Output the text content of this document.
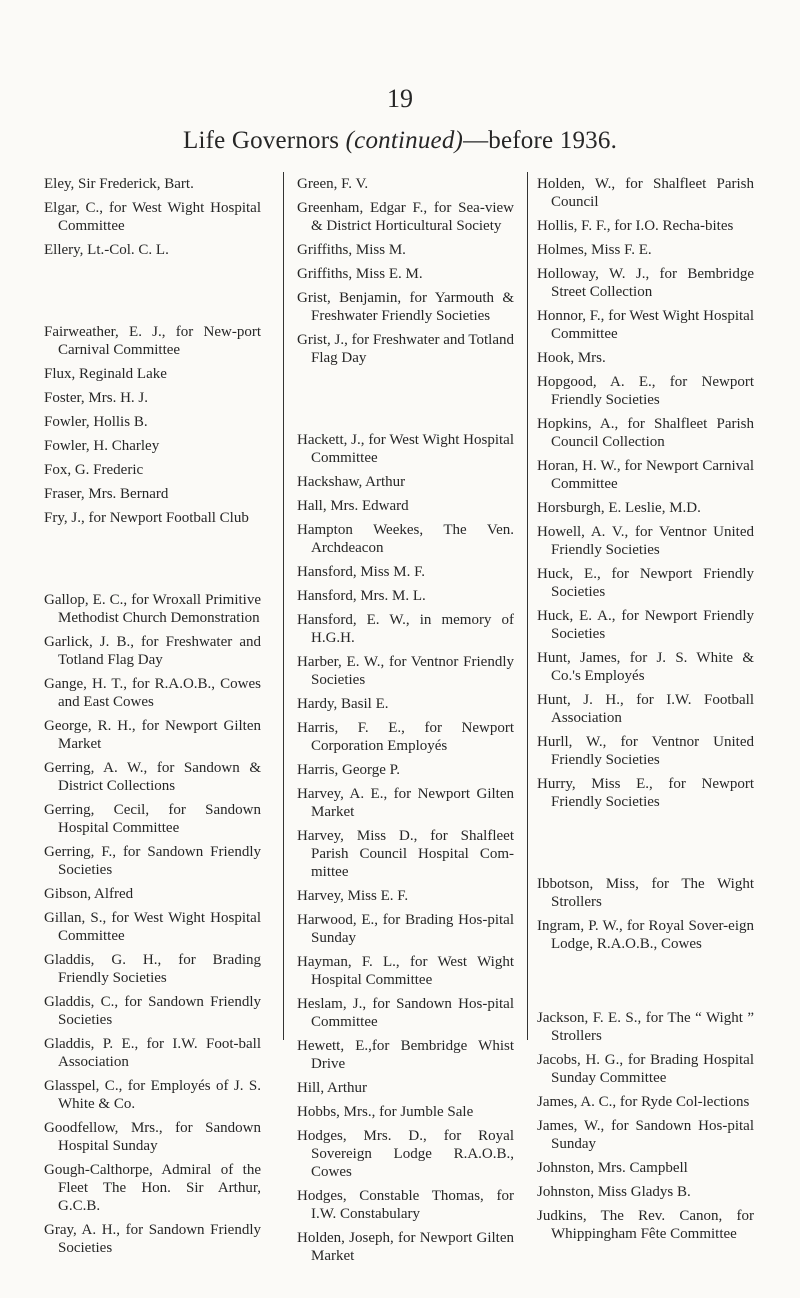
19
Life Governors (continued)—before 1936.

Eley, Sir Frederick, Bart.

Elgar, C., for West Wight Hospital Committee

Ellery, Lt.-Col. C. L.

Fairweather, E. J., for New-port Carnival Committee

Flux, Reginald Lake

Foster, Mrs. H. J.

Fowler, Hollis B.

Fowler, H. Charley

Fox, G. Frederic

Fraser, Mrs. Bernard

Fry, J., for Newport Football Club

Gallop, E. C., for Wroxall Primitive Methodist Church Demonstration

Garlick, J. B., for Freshwater and Totland Flag Day

Gange, H. T., for R.A.O.B., Cowes and East Cowes

George, R. H., for Newport Gilten Market

Gerring, A. W., for Sandown & District Collections

Gerring, Cecil, for Sandown Hospital Committee

Gerring, F., for Sandown Friendly Societies

Gibson, Alfred

Gillan, S., for West Wight Hospital Committee

Gladdis, G. H., for Brading Friendly Societies

Gladdis, C., for Sandown Friendly Societies

Gladdis, P. E., for I.W. Foot-ball Association

Glasspel, C., for Employés of J. S. White & Co.

Goodfellow, Mrs., for Sandown Hospital Sunday

Gough-Calthorpe, Admiral of the Fleet The Hon. Sir Arthur, G.C.B.

Gray, A. H., for Sandown Friendly Societies

Green, F. V.

Greenham, Edgar F., for Sea-view & District Horticultural Society

Griffiths, Miss M.

Griffiths, Miss E. M.

Grist, Benjamin, for Yarmouth & Freshwater Friendly Societies

Grist, J., for Freshwater and Totland Flag Day

Hackett, J., for West Wight Hospital Committee

Hackshaw, Arthur

Hall, Mrs. Edward

Hampton Weekes, The Ven. Archdeacon

Hansford, Miss M. F.

Hansford, Mrs. M. L.

Hansford, E. W., in memory of H.G.H.

Harber, E. W., for Ventnor Friendly Societies

Hardy, Basil E.

Harris, F. E., for Newport Corporation Employés

Harris, George P.

Harvey, A. E., for Newport Gilten Market

Harvey, Miss D., for Shalfleet Parish Council Hospital Com-mittee

Harvey, Miss E. F.

Harwood, E., for Brading Hos-pital Sunday

Hayman, F. L., for West Wight Hospital Committee

Heslam, J., for Sandown Hos-pital Committee

Hewett, E.,for Bembridge Whist Drive

Hill, Arthur

Hobbs, Mrs., for Jumble Sale

Hodges, Mrs. D., for Royal Sovereign Lodge R.A.O.B., Cowes

Hodges, Constable Thomas, for I.W. Constabulary

Holden, Joseph, for Newport Gilten Market

Holden, W., for Shalfleet Parish Council

Hollis, F. F., for I.O. Recha-bites

Holmes, Miss F. E.

Holloway, W. J., for Bembridge Street Collection

Honnor, F., for West Wight Hospital Committee

Hook, Mrs.

Hopgood, A. E., for Newport Friendly Societies

Hopkins, A., for Shalfleet Parish Council Collection

Horan, H. W., for Newport Carnival Committee

Horsburgh, E. Leslie, M.D.

Howell, A. V., for Ventnor United Friendly Societies

Huck, E., for Newport Friendly Societies

Huck, E. A., for Newport Friendly Societies

Hunt, James, for J. S. White & Co.'s Employés

Hunt, J. H., for I.W. Football Association

Hurll, W., for Ventnor United Friendly Societies

Hurry, Miss E., for Newport Friendly Societies

Ibbotson, Miss, for The Wight Strollers

Ingram, P. W., for Royal Sover-eign Lodge, R.A.O.B., Cowes

Jackson, F. E. S., for The “ Wight ” Strollers

Jacobs, H. G., for Brading Hospital Sunday Committee

James, A. C., for Ryde Col-lections

James, W., for Sandown Hos-pital Sunday

Johnston, Mrs. Campbell

Johnston, Miss Gladys B.

Judkins, The Rev. Canon, for Whippingham Fête Committee
